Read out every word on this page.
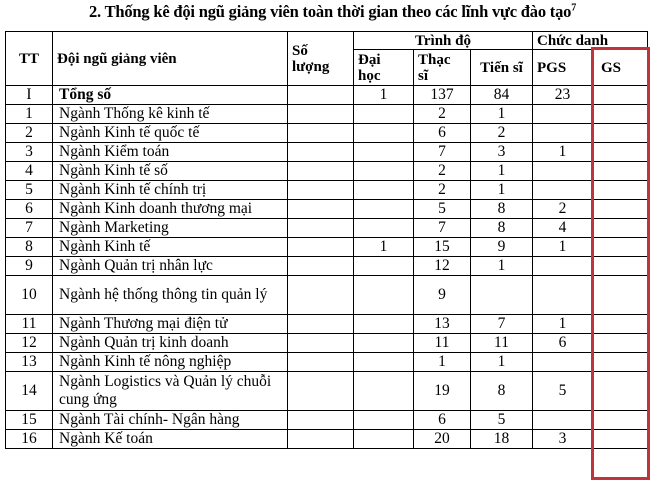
2. Thống kê đội ngũ giảng viên toàn thời gian theo các lĩnh vực đào tạo$^7$
TT	Đội ngũ giảng viên	Số lượng	Trình độ			Chức danh	
			Đại học	Thạc sĩ	Tiến sĩ	PGS	GS
I	Tổng số		1	137	84	23	
1	Ngành Thống kê kinh tế			2	1		
2	Ngành Kinh tế quốc tế			6	2		
3	Ngành Kiểm toán			7	3	1	
4	Ngành Kinh tế số			2	1		
5	Ngành Kinh tế chính trị			2	1		
6	Ngành Kinh doanh thương mại			5	8	2	
7	Ngành Marketing			7	8	4	
8	Ngành Kinh tế		1	15	9	1	
9	Ngành Quản trị nhân lực			12	1		
10	Ngành hệ thống thông tin quản lý			9			
11	Ngành Thương mại điện tử			13	7	1	
12	Ngành Quản trị kinh doanh			11	11	6	
13	Ngành Kinh tế nông nghiệp			1	1		
14	Ngành Logistics và Quản lý chuỗi cung ứng			19	8	5	
15	Ngành Tài chính- Ngân hàng			6	5		
16	Ngành Kế toán			20	18	3	
